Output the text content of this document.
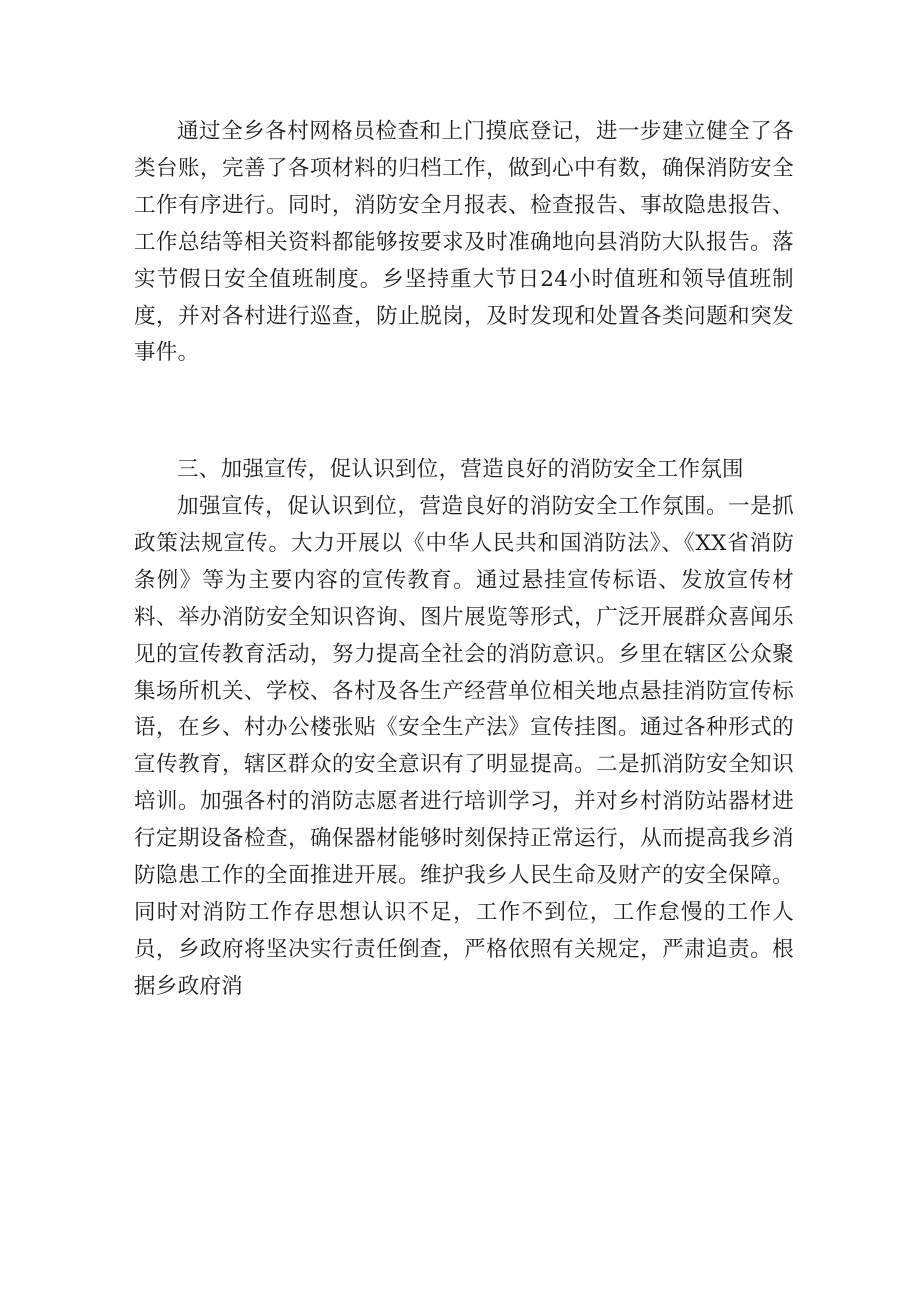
通过全乡各村网格员检查和上门摸底登记，进一步建立健全了各类台账，完善了各项材料的归档工作，做到心中有数，确保消防安全工作有序进行。同时，消防安全月报表、检查报告、事故隐患报告、工作总结等相关资料都能够按要求及时准确地向县消防大队报告。落实节假日安全值班制度。乡坚持重大节日24小时值班和领导值班制度，并对各村进行巡查，防止脱岗，及时发现和处置各类问题和突发事件。

三、加强宣传，促认识到位，营造良好的消防安全工作氛围

加强宣传，促认识到位，营造良好的消防安全工作氛围。一是抓政策法规宣传。大力开展以《中华人民共和国消防法》、《XX省消防条例》等为主要内容的宣传教育。通过悬挂宣传标语、发放宣传材料、举办消防安全知识咨询、图片展览等形式，广泛开展群众喜闻乐见的宣传教育活动，努力提高全社会的消防意识。乡里在辖区公众聚集场所机关、学校、各村及各生产经营单位相关地点悬挂消防宣传标语，在乡、村办公楼张贴《安全生产法》宣传挂图。通过各种形式的宣传教育，辖区群众的安全意识有了明显提高。二是抓消防安全知识培训。加强各村的消防志愿者进行培训学习，并对乡村消防站器材进行定期设备检查，确保器材能够时刻保持正常运行，从而提高我乡消防隐患工作的全面推进开展。维护我乡人民生命及财产的安全保障。同时对消防工作存思想认识不足，工作不到位，工作怠慢的工作人员，乡政府将坚决实行责任倒查，严格依照有关规定，严肃追责。根据乡政府消
